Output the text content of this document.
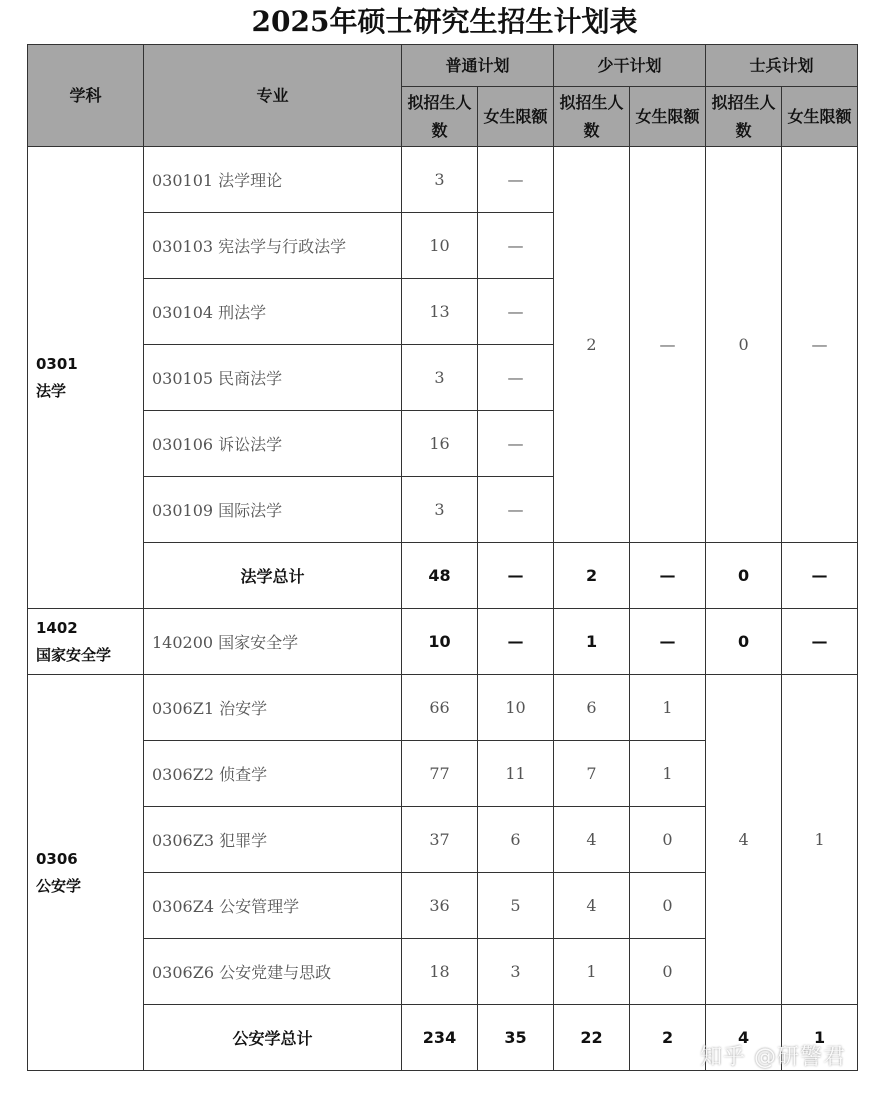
2025年硕士研究生招生计划表
学科	专业	普通计划		少干计划		士兵计划	
		拟招生人数	女生限额	拟招生人数	女生限额	拟招生人数	女生限额

0301
法学	030101 法学理论	3	—	2	—	0	—
	030103 宪法学与行政法学	10	—				
	030104 刑法学	13	—				
	030105 民商法学	3	—				
	030106 诉讼法学	16	—				
	030109 国际法学	3	—				
	法学总计	48	—	2	—	0	—

1402
国家安全学	140200 国家安全学	10	—	1	—	0	—

0306
公安学	0306Z1 治安学	66	10	6	1	4	1
	0306Z2 侦查学	77	11	7	1		
	0306Z3 犯罪学	37	6	4	0		
	0306Z4 公安管理学	36	5	4	0		
	0306Z6 公安党建与思政	18	3	1	0		
	公安学总计	234	35	22	2	4	1
知乎 @研警君
